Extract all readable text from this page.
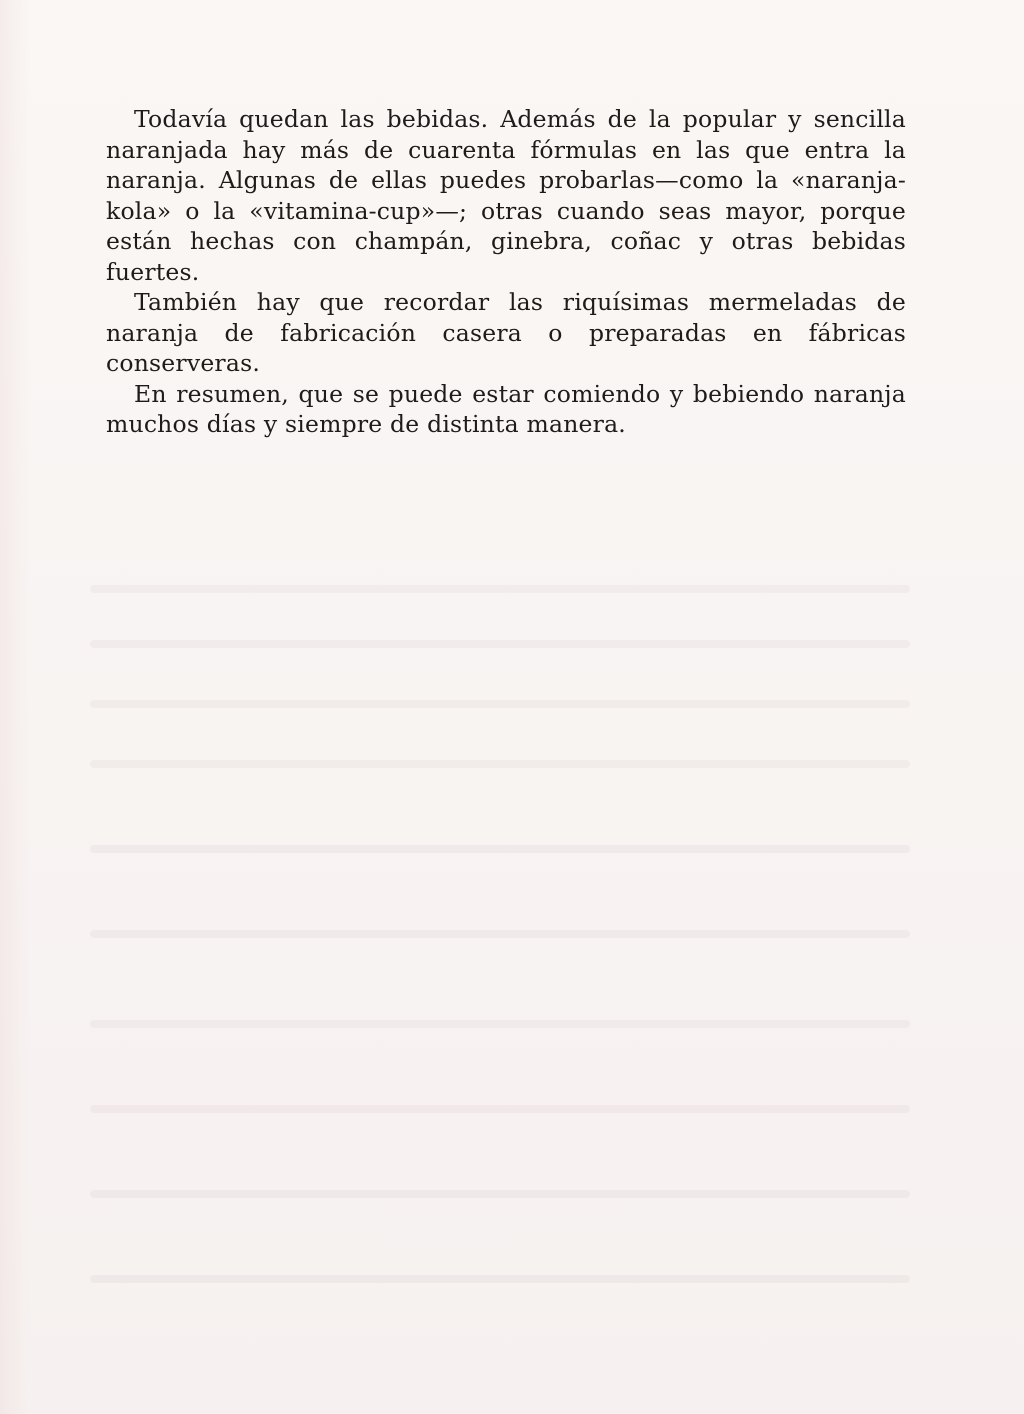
Todavía quedan las bebidas. Además de la popular y sencilla naranjada hay más de cuarenta fórmulas en las que entra la naranja. Algunas de ellas puedes probarlas—como la «naranja-kola» o la «vitamina-cup»—; otras cuando seas mayor, porque están hechas con champán, ginebra, coñac y otras bebidas fuertes.

También hay que recordar las riquísimas mermeladas de naranja de fabricación casera o preparadas en fábricas conserveras.

En resumen, que se puede estar comiendo y bebiendo naranja muchos días y siempre de distinta manera.
